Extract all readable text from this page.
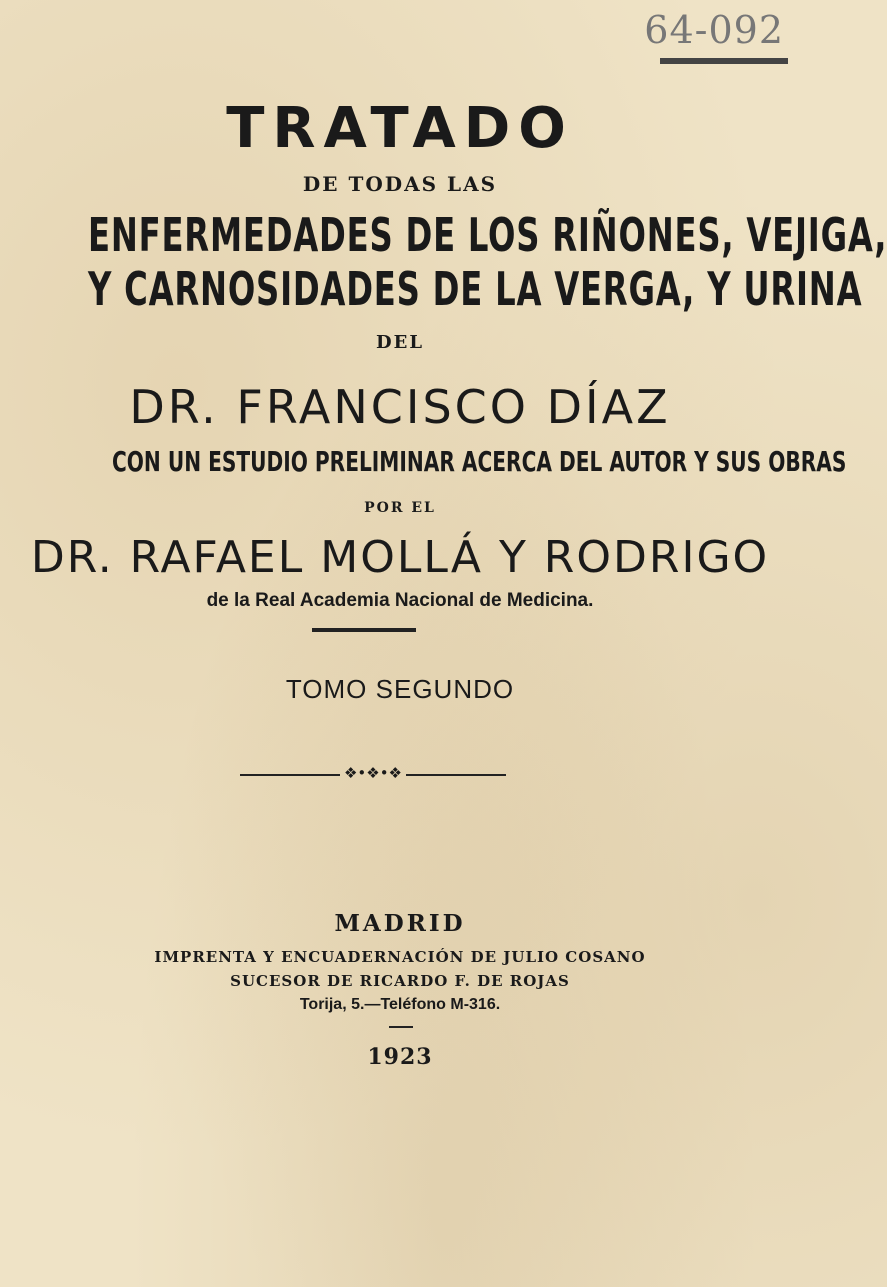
64-092
TRATADO
DE TODAS LAS
ENFERMEDADES DE LOS RIÑONES, VEJIGA,
Y CARNOSIDADES DE LA VERGA, Y URINA
DEL
DR. FRANCISCO DÍAZ
CON UN ESTUDIO PRELIMINAR ACERCA DEL AUTOR Y SUS OBRAS
POR EL
DR. RAFAEL MOLLÁ Y RODRIGO
de la Real Academia Nacional de Medicina.
TOMO SEGUNDO
❖•❖•❖
MADRID
IMPRENTA Y ENCUADERNACIÓN DE JULIO COSANO
SUCESOR DE RICARDO F. DE ROJAS
Torija, 5.—Teléfono M-316.
1923
